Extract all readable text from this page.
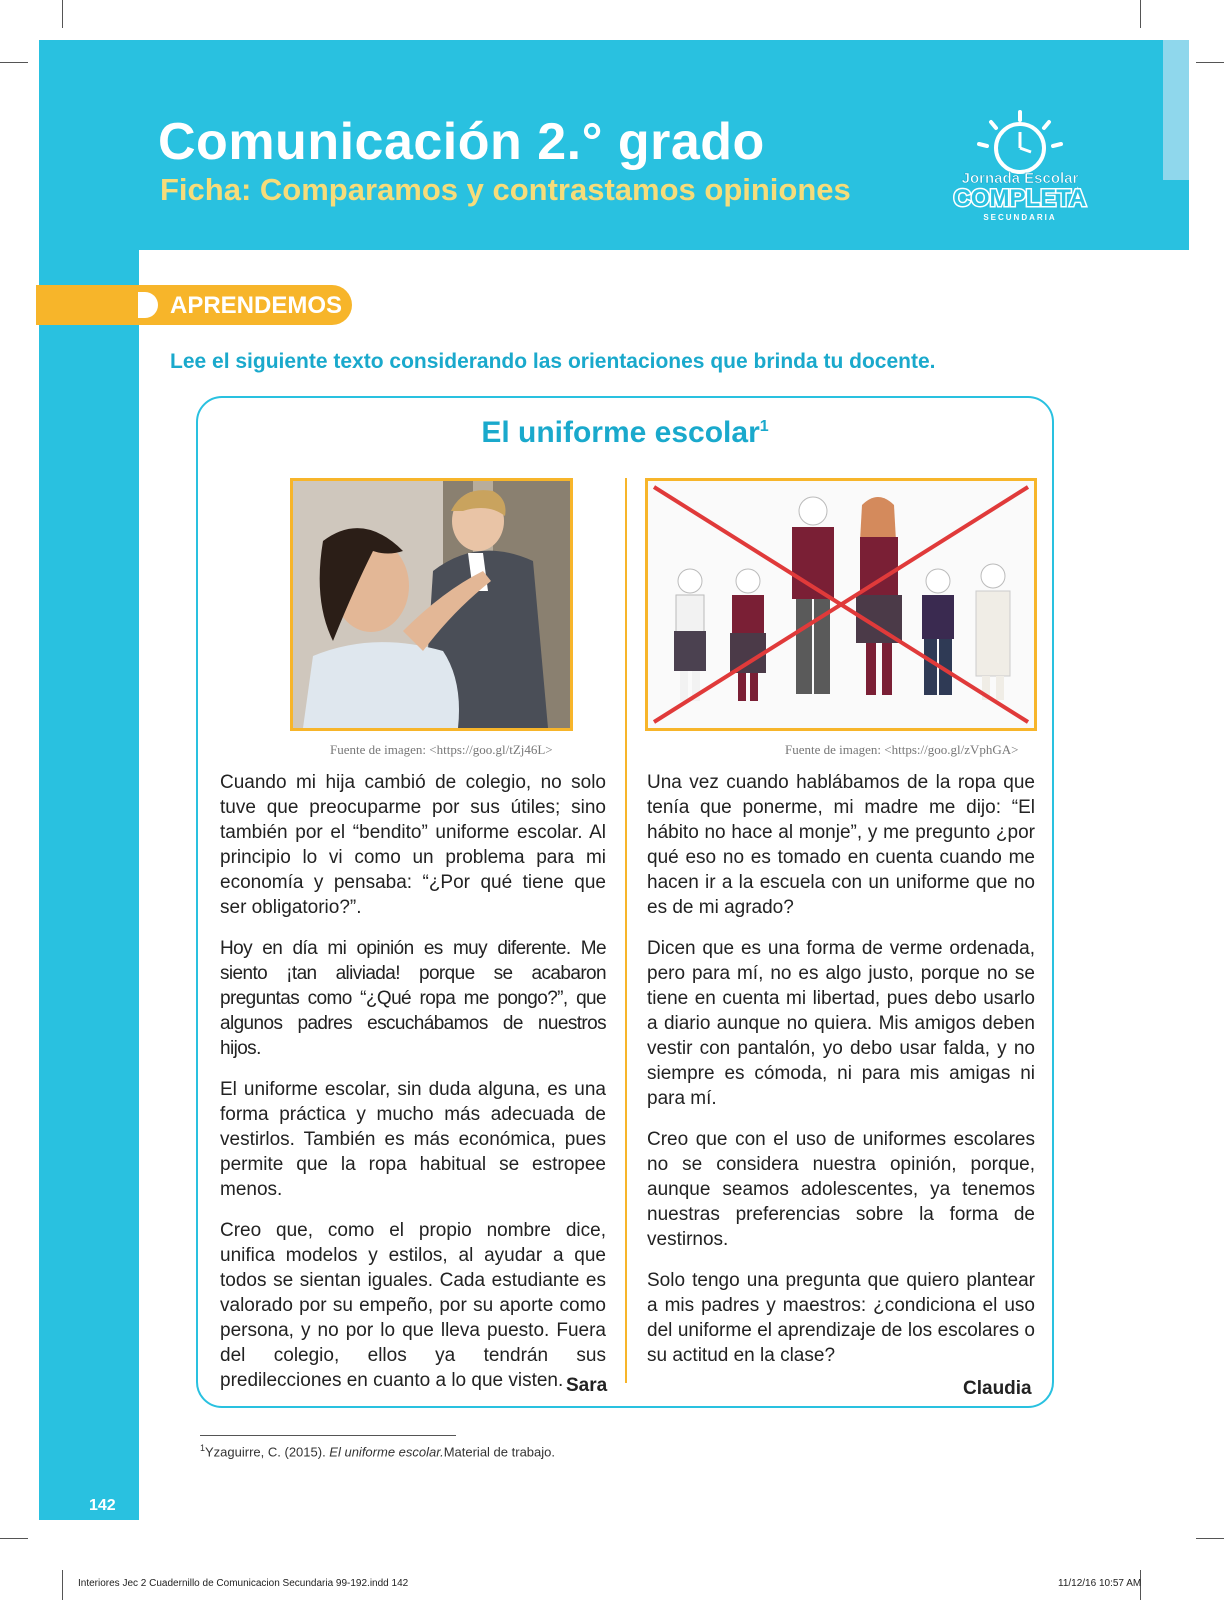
Comunicación 2.° grado
Ficha: Comparamos y contrastamos opiniones	Jornada Escolar
COMPLETA
SECUNDARIA
APRENDEMOS
Lee el siguiente texto considerando las orientaciones que brinda tu docente.
El uniforme escolar$^1$
Fuente de imagen: <https://goo.gl/tZj46L>	Fuente de imagen: <https://goo.gl/zVphGA>

Cuando mi hija cambió de colegio, no solo tuve que preocuparme por sus útiles; sino también por el “bendito” uniforme escolar. Al principio lo vi como un problema para mi economía y pensaba: “¿Por qué tiene que ser obligatorio?”.

Hoy en día mi opinión es muy diferente. Me siento ¡tan aliviada! porque se acabaron preguntas como “¿Qué ropa me pongo?”, que algunos padres escuchábamos de nuestros hijos.

El uniforme escolar, sin duda alguna, es una forma práctica y mucho más adecuada de vestirlos. También es más económica, pues permite que la ropa habitual se estropee menos.

Creo que, como el propio nombre dice, unifica modelos y estilos, al ayudar a que todos se sientan iguales. Cada estudiante es valorado por su empeño, por su aporte como persona, y no por lo que lleva puesto. Fuera del colegio, ellos ya tendrán sus predilecciones en cuanto a lo que visten. Sara

Una vez cuando hablábamos de la ropa que tenía que ponerme, mi madre me dijo: “El hábito no hace al monje”, y me pregunto ¿por qué eso no es tomado en cuenta cuando me hacen ir a la escuela con un uniforme que no es de mi agrado?

Dicen que es una forma de verme ordenada, pero para mí, no es algo justo, porque no se tiene en cuenta mi libertad, pues debo usarlo a diario aunque no quiera. Mis amigos deben vestir con pantalón, yo debo usar falda, y no siempre es cómoda, ni para mis amigas ni para mí.

Creo que con el uso de uniformes escolares no se considera nuestra opinión, porque, aunque seamos adolescentes, ya tenemos nuestras preferencias sobre la forma de vestirnos.

Solo tengo una pregunta que quiero plantear a mis padres y maestros: ¿condiciona el uso del uniforme el aprendizaje de los escolares o su actitud en la clase?

Claudia
$^1$Yzaguirre, C. (2015). El uniforme escolar.Material de trabajo.
142
Interiores Jec 2 Cuadernillo de Comunicacion Secundaria 99-192.indd 142	11/12/16 10:57 AM
